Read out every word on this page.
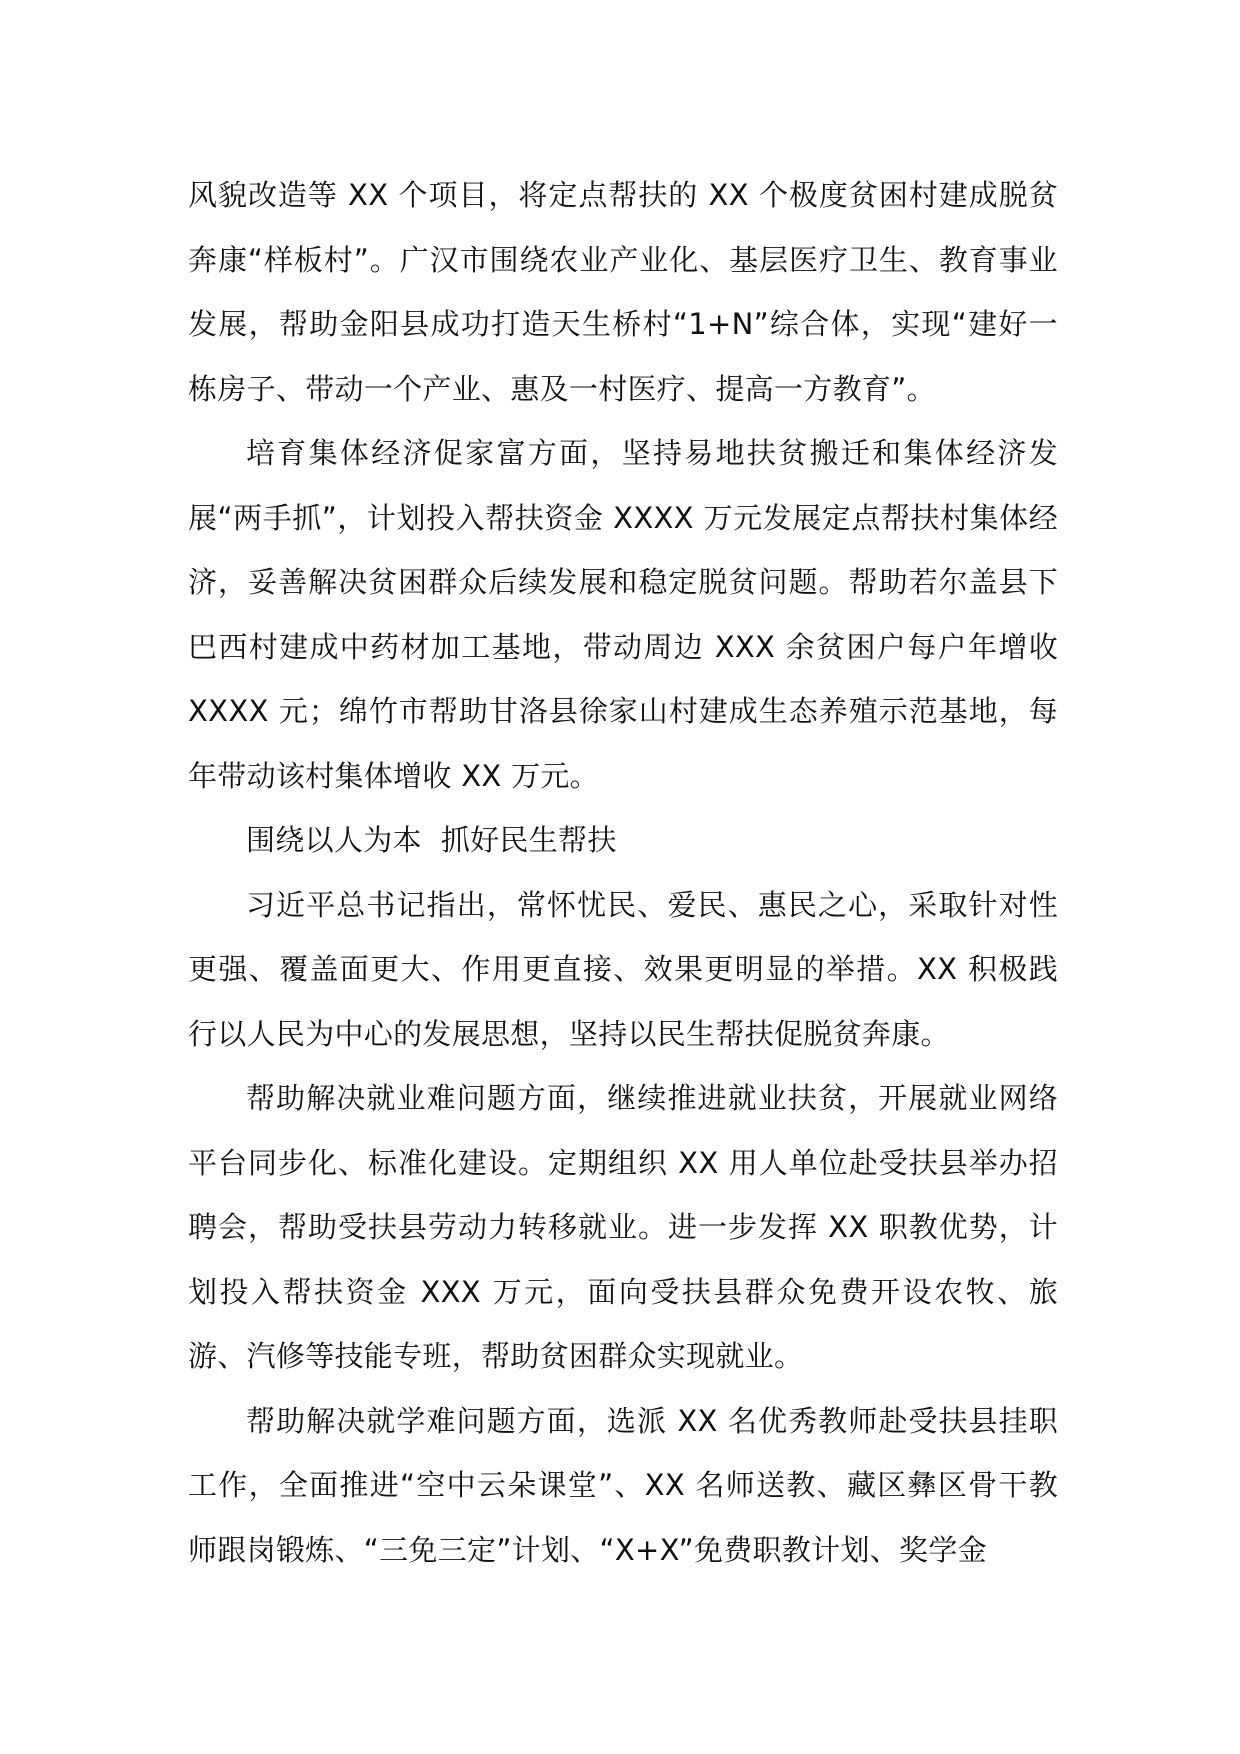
风貌改造等 XX 个项目，将定点帮扶的 XX 个极度贫困村建成脱贫奔康“样板村”。广汉市围绕农业产业化、基层医疗卫生、教育事业发展，帮助金阳县成功打造天生桥村“1+N”综合体，实现“建好一栋房子、带动一个产业、惠及一村医疗、提高一方教育”。

培育集体经济促家富方面，坚持易地扶贫搬迁和集体经济发展“两手抓”，计划投入帮扶资金 XXXX 万元发展定点帮扶村集体经济，妥善解决贫困群众后续发展和稳定脱贫问题。帮助若尔盖县下巴西村建成中药材加工基地，带动周边 XXX 余贫困户每户年增收 XXXX 元；绵竹市帮助甘洛县徐家山村建成生态养殖示范基地，每年带动该村集体增收 XX 万元。

围绕以人为本  抓好民生帮扶

习近平总书记指出，常怀忧民、爱民、惠民之心，采取针对性更强、覆盖面更大、作用更直接、效果更明显的举措。XX 积极践行以人民为中心的发展思想，坚持以民生帮扶促脱贫奔康。

帮助解决就业难问题方面，继续推进就业扶贫，开展就业网络平台同步化、标准化建设。定期组织 XX 用人单位赴受扶县举办招聘会，帮助受扶县劳动力转移就业。进一步发挥 XX 职教优势，计划投入帮扶资金 XXX 万元，面向受扶县群众免费开设农牧、旅游、汽修等技能专班，帮助贫困群众实现就业。

帮助解决就学难问题方面，选派 XX 名优秀教师赴受扶县挂职工作，全面推进“空中云朵课堂”、XX 名师送教、藏区彝区骨干教师跟岗锻炼、“三免三定”计划、“X+X”免费职教计划、奖学金
